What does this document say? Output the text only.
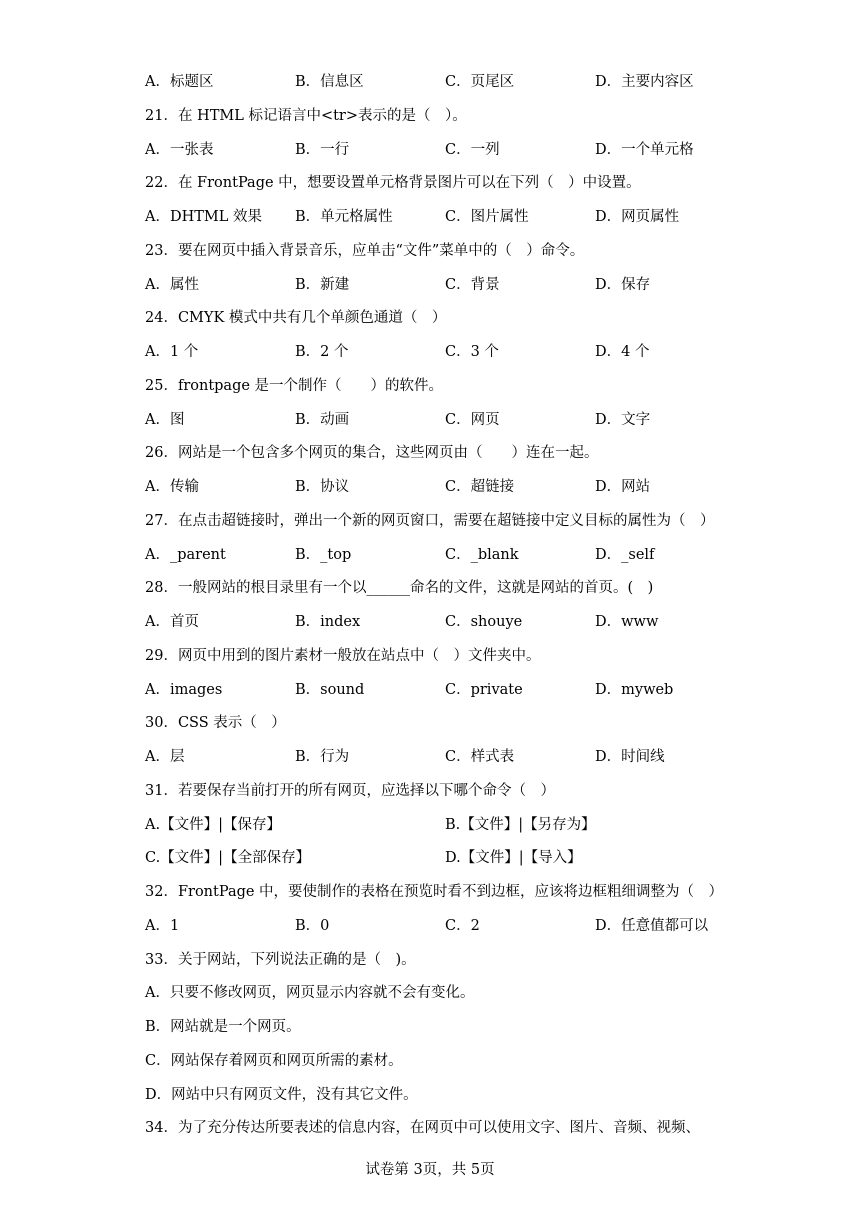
A．标题区	B．信息区	C．页尾区	D．主要内容区
21．在 HTML 标记语言中<tr>表示的是（　）。
A．一张表	B．一行	C．一列	D．一个单元格
22．在 FrontPage 中，想要设置单元格背景图片可以在下列（　）中设置。
A．DHTML 效果 B．单元格属性	C．图片属性	D．网页属性
23．要在网页中插入背景音乐，应单击“文件”菜单中的（　）命令。
A．属性	B．新建	C．背景	D．保存
24．CMYK 模式中共有几个单颜色通道（　）
A．1 个	B．2 个	C．3 个	D．4 个
25．frontpage 是一个制作（　　）的软件。
A．图	B．动画	C．网页	D．文字
26．网站是一个包含多个网页的集合，这些网页由（　　）连在一起。
A．传输	B．协议	C．超链接	D．网站
27．在点击超链接时，弹出一个新的网页窗口，需要在超链接中定义目标的属性为（　）
A．_parent	B．_top	C．_blank	D．_self
28．一般网站的根目录里有一个以______命名的文件，这就是网站的首页。(　)
A．首页	B．index	C．shouye	D．www
29．网页中用到的图片素材一般放在站点中（　）文件夹中。
A．images	B．sound	C．private	D．myweb
30．CSS 表示（　）
A．层	B．行为	C．样式表	D．时间线
31．若要保存当前打开的所有网页，应选择以下哪个命令（　）
A.【文件】|【保存】	B.【文件】|【另存为】
C.【文件】|【全部保存】	D.【文件】|【导入】
32．FrontPage 中，要使制作的表格在预览时看不到边框，应该将边框粗细调整为（　）
A．1	B．0	C．2	D．任意值都可以
33．关于网站，下列说法正确的是（　)。
A．只要不修改网页，网页显示内容就不会有变化。
B．网站就是一个网页。
C．网站保存着网页和网页所需的素材。
D．网站中只有网页文件，没有其它文件。
34．为了充分传达所要表述的信息内容，在网页中可以使用文字、图片、音频、视频、
试卷第 3页，共 5页
